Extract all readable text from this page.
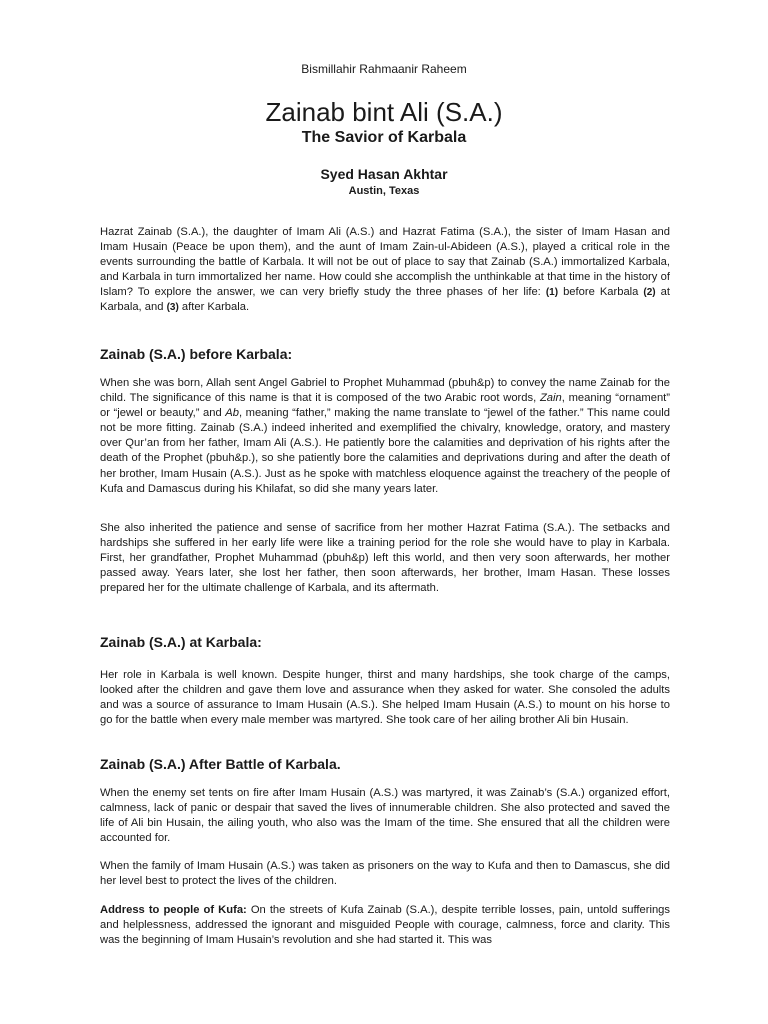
Bismillahir Rahmaanir Raheem
Zainab bint Ali (S.A.)
The Savior of Karbala
Syed Hasan Akhtar
Austin, Texas

Hazrat Zainab (S.A.), the daughter of Imam Ali (A.S.) and Hazrat Fatima (S.A.), the sister of Imam Hasan and Imam Husain (Peace be upon them), and the aunt of Imam Zain-ul-Abideen (A.S.), played a critical role in the events surrounding the battle of Karbala. It will not be out of place to say that Zainab (S.A.) immortalized Karbala, and Karbala in turn immortalized her name. How could she accomplish the unthinkable at that time in the history of Islam? To explore the answer, we can very briefly study the three phases of her life: (1) before Karbala (2) at Karbala, and (3) after Karbala.

Zainab (S.A.) before Karbala:

When she was born, Allah sent Angel Gabriel to Prophet Muhammad (pbuh&p) to convey the name Zainab for the child. The significance of this name is that it is composed of the two Arabic root words, Zain, meaning “ornament” or “jewel or beauty,” and Ab, meaning “father,” making the name translate to “jewel of the father.” This name could not be more fitting. Zainab (S.A.) indeed inherited and exemplified the chivalry, knowledge, oratory, and mastery over Qur’an from her father, Imam Ali (A.S.). He patiently bore the calamities and deprivation of his rights after the death of the Prophet (pbuh&p.), so she patiently bore the calamities and deprivations during and after the death of her brother, Imam Husain (A.S.). Just as he spoke with matchless eloquence against the treachery of the people of Kufa and Damascus during his Khilafat, so did she many years later.

She also inherited the patience and sense of sacrifice from her mother Hazrat Fatima (S.A.). The setbacks and hardships she suffered in her early life were like a training period for the role she would have to play in Karbala. First, her grandfather, Prophet Muhammad (pbuh&p) left this world, and then very soon afterwards, her mother passed away. Years later, she lost her father, then soon afterwards, her brother, Imam Hasan. These losses prepared her for the ultimate challenge of Karbala, and its aftermath.

Zainab (S.A.) at Karbala:

Her role in Karbala is well known. Despite hunger, thirst and many hardships, she took charge of the camps, looked after the children and gave them love and assurance when they asked for water. She consoled the adults and was a source of assurance to Imam Husain (A.S.). She helped Imam Husain (A.S.) to mount on his horse to go for the battle when every male member was martyred. She took care of her ailing brother Ali bin Husain.

Zainab (S.A.) After Battle of Karbala.

When the enemy set tents on fire after Imam Husain (A.S.) was martyred, it was Zainab’s (S.A.) organized effort, calmness, lack of panic or despair that saved the lives of innumerable children. She also protected and saved the life of Ali bin Husain, the ailing youth, who also was the Imam of the time. She ensured that all the children were accounted for.

When the family of Imam Husain (A.S.) was taken as prisoners on the way to Kufa and then to Damascus, she did her level best to protect the lives of the children.

Address to people of Kufa: On the streets of Kufa Zainab (S.A.), despite terrible losses, pain, untold sufferings and helplessness, addressed the ignorant and misguided People with courage, calmness, force and clarity. This was the beginning of Imam Husain’s revolution and she had started it. This was
